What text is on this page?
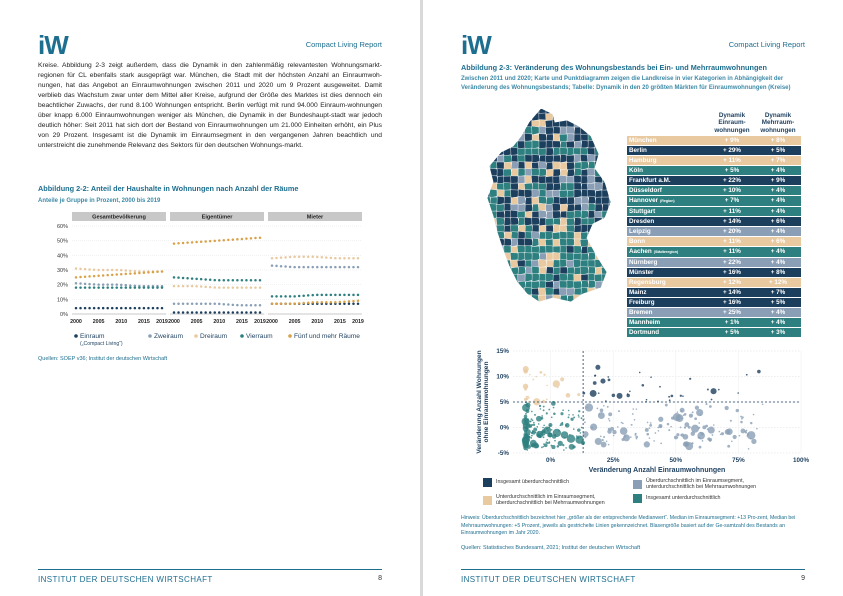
iW	Compact Living Report
Kreise. Abbildung 2-3 zeigt außerdem, dass die Dynamik in den zahlenmäßig relevantesten Wohnungsmarkt-regionen für CL ebenfalls stark ausgeprägt war. München, die Stadt mit der höchsten Anzahl an Einraumwoh-nungen, hat das Angebot an Einraumwohnungen zwischen 2011 und 2020 um 9 Prozent ausgeweitet. Damit verblieb das Wachstum zwar unter dem Mittel aller Kreise, aufgrund der Größe des Marktes ist dies dennoch ein beachtlicher Zuwachs, der rund 8.100 Wohnungen entspricht. Berlin verfügt mit rund 94.000 Einraum-wohnungen über knapp 6.000 Einraumwohnungen weniger als München, die Dynamik in der Bundeshaupt-stadt war jedoch deutlich höher: Seit 2011 hat sich dort der Bestand von Einraumwohnungen um 21.000 Einheiten erhöht, ein Plus von 29 Prozent. Insgesamt ist die Dynamik im Einraumsegment in den vergangenen Jahren beachtlich und unterstreicht die zunehmende Relevanz des Sektors für den deutschen Wohnungs-markt.
Abbildung 2-2: Anteil der Haushalte in Wohnungen nach Anzahl der Räume
Anteile je Gruppe in Prozent, 2000 bis 2019
0%
10%
20%
30%
40%
50%
60%
Gesamtbevölkerung
2000 2005 2010 2015 2019
Eigentümer
2000 2005 2010 2015 2019
Mieter
2000 2005 2010 2015 2019
Einraum
(„Compact Living“)
Zweiraum	Dreiraum	Vierraum	Fünf und mehr Räume
Quellen: SOEP v36; Institut der deutschen Wirtschaft
INSTITUT DER DEUTSCHEN WIRTSCHAFT	8
iW	Compact Living Report
Abbildung 2-3: Veränderung des Wohnungsbestands bei Ein- und Mehrraumwohnungen
Zwischen 2011 und 2020; Karte und Punktdiagramm zeigen die Landkreise in vier Kategorien in Abhängigkeit der Veränderung des Wohnungsbestands; Tabelle: Dynamik in den 20 größten Märkten für Einraumwohnungen (Kreise)
	Dynamik Einraum-wohnungen	Dynamik Mehrraum-wohnungen
München	+ 9%	+ 8%
Berlin	+ 29%	+ 5%
Hamburg	+ 11%	+ 7%
Köln	+ 5%	+ 4%
Frankfurt a.M.	+ 22%	+ 9%
Düsseldorf	+ 10%	+ 4%
Hannover (Region)	+ 7%	+ 4%
Stuttgart	+ 11%	+ 4%
Dresden	+ 14%	+ 6%
Leipzig	+ 20%	+ 4%
Bonn	+ 11%	+ 6%
Aachen (Städteregion)	+ 11%	+ 4%
Nürnberg	+ 22%	+ 4%
Münster	+ 16%	+ 8%
Regensburg	+ 12%	+ 12%
Mainz	+ 14%	+ 7%
Freiburg	+ 16%	+ 5%
Bremen	+ 25%	+ 4%
Mannheim	+ 1%	+ 4%
Dortmund	+ 5%	+ 3%
-5%
0%
5%
10%
15%
0%	25%	50%	75%	100%
Veränderung Anzahl Einraumwohnungen
Veränderung Anzahl Wohnungen ohne Einraumwohnungen
Insgesamt überdurchschnittlich	Überdurchschnittlich im Einraumsegment, unterdurchschnittlich bei Mehrraumwohnungen
Unterdurchschnittlich im Einraumsegment, überdurchschnittlich bei Mehrraumwohnungen
Insgesamt unterdurchschnittlich
Hinweis: Überdurchschnittlich bezeichnet hier „größer als der entsprechende Medianwert“. Median im Einraumsegment: +13 Pro-zent, Median bei Mehrraumwohnungen: +5 Prozent, jeweils als gestrichelte Linien gekennzeichnet. Blasengröße basiert auf der Ge-samtzahl des Bestands an Einraumwohnungen im Jahr 2020.
Quellen: Statistisches Bundesamt, 2021; Institut der deutschen Wirtschaft
INSTITUT DER DEUTSCHEN WIRTSCHAFT	9
